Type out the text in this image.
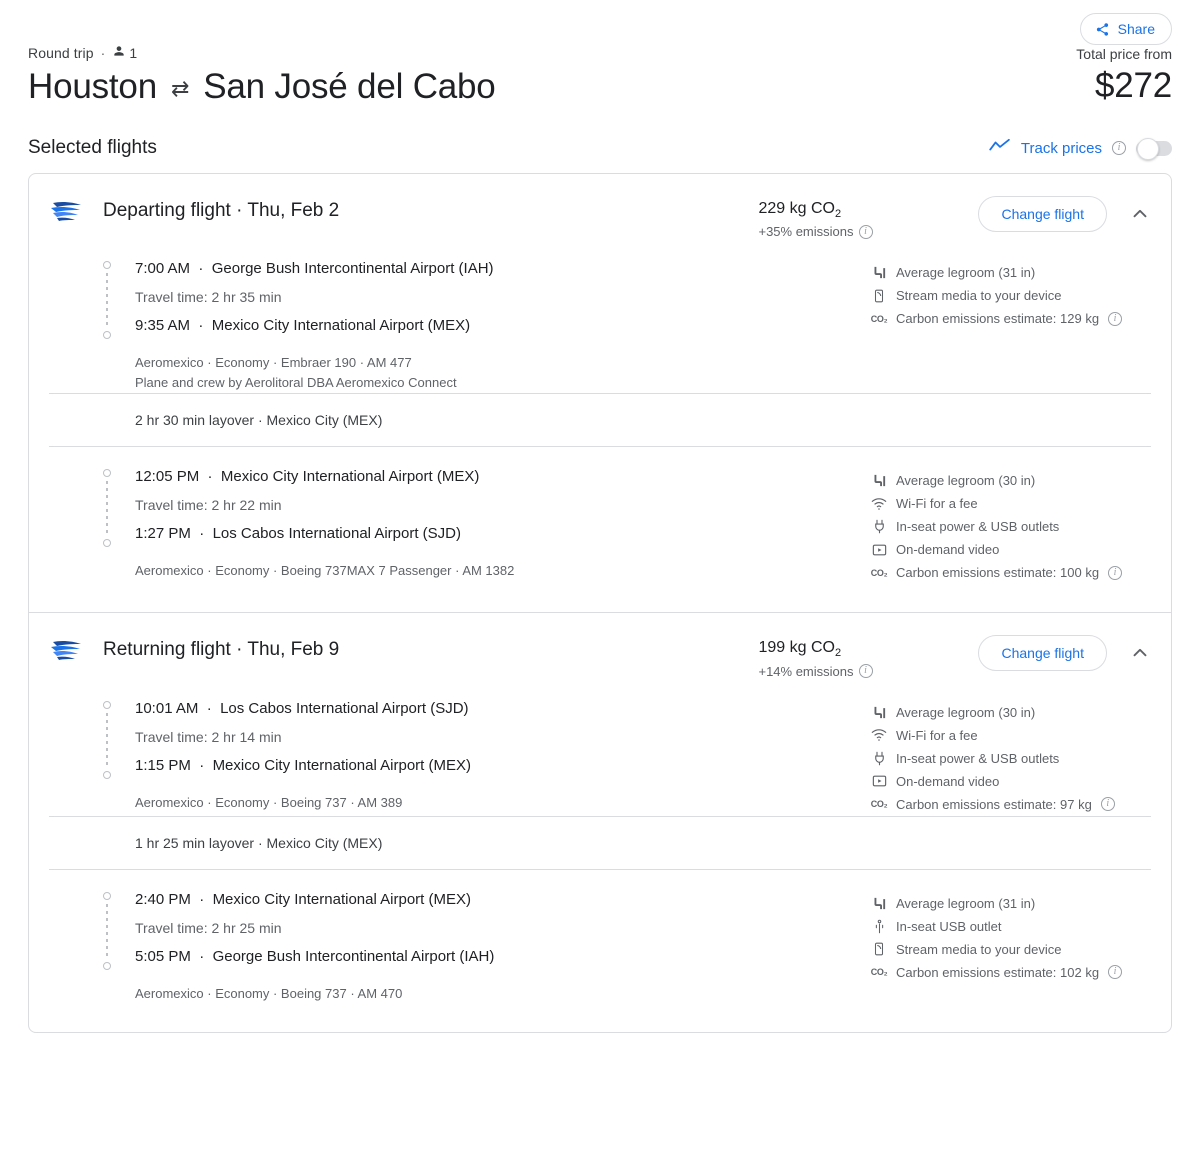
Share
Round trip · 1
Houston ⇄ San José del Cabo
Total price from
$272
Selected flights	Track prices	i
Departing flight · Thu, Feb 2	229 kg $CO_2$
+35% emissions	i
Change flight
7:00 AM  ·  George Bush Intercontinental Airport (IAH)
Travel time: 2 hr 35 min
9:35 AM  ·  Mexico City International Airport (MEX)
Aeromexico · Economy · Embraer 190 · AM 477
Plane and crew by Aerolitoral DBA Aeromexico Connect
Average legroom (31 in)
Stream media to your device
CO₂ Carbon emissions estimate: 129 kg	i
2 hr 30 min layover · Mexico City (MEX)
12:05 PM  ·  Mexico City International Airport (MEX)
Travel time: 2 hr 22 min
1:27 PM  ·  Los Cabos International Airport (SJD)
Aeromexico · Economy · Boeing 737MAX 7 Passenger · AM 1382
Average legroom (30 in)
Wi-Fi for a fee
In-seat power & USB outlets
On-demand video
CO₂ Carbon emissions estimate: 100 kg	i
Returning flight · Thu, Feb 9	199 kg $CO_2$
+14% emissions	i
Change flight
10:01 AM  ·  Los Cabos International Airport (SJD)
Travel time: 2 hr 14 min
1:15 PM  ·  Mexico City International Airport (MEX)
Aeromexico · Economy · Boeing 737 · AM 389
Average legroom (30 in)
Wi-Fi for a fee
In-seat power & USB outlets
On-demand video
CO₂ Carbon emissions estimate: 97 kg	i
1 hr 25 min layover · Mexico City (MEX)
2:40 PM  ·  Mexico City International Airport (MEX)
Travel time: 2 hr 25 min
5:05 PM  ·  George Bush Intercontinental Airport (IAH)
Aeromexico · Economy · Boeing 737 · AM 470
Average legroom (31 in)
In-seat USB outlet
Stream media to your device
CO₂ Carbon emissions estimate: 102 kg	i
